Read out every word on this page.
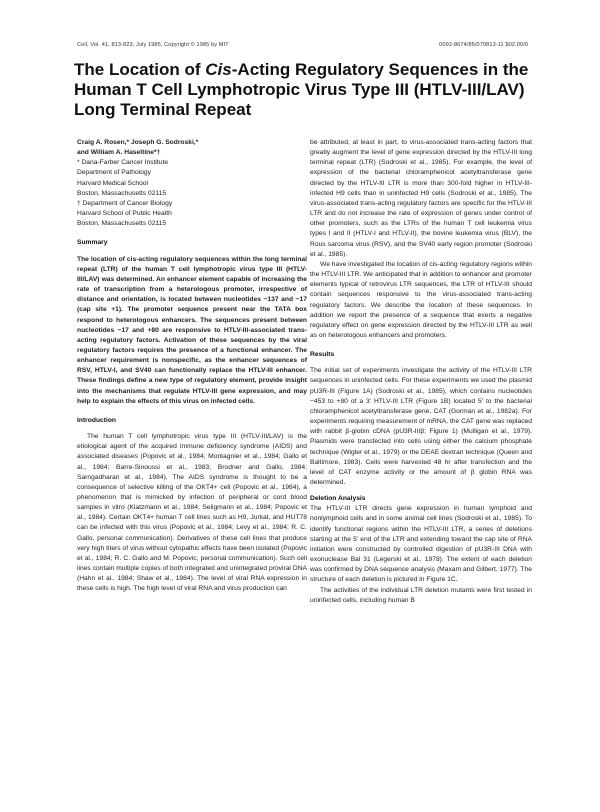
Cell, Vol. 41, 813-823, July 1985, Copyright © 1985 by MIT	0092-8674/85/070813-11 $02.00/0
The Location of Cis-Acting Regulatory Sequences in the Human T Cell Lymphotropic Virus Type III (HTLV-III/LAV) Long Terminal Repeat

Craig A. Rosen,* Joseph G. Sodroski,*
and William A. Haseltine*†

* Dana-Farber Cancer Institute
Department of Pathology
Harvard Medical School
Boston, Massachusetts 02115
† Department of Cancer Biology
Harvard School of Public Health
Boston, Massachusetts 02115

Summary

The location of cis-acting regulatory sequences within the long terminal repeat (LTR) of the human T cell lymphotropic virus type III (HTLV-III/LAV) was determined. An enhancer element capable of increasing the rate of transcription from a heterologous promoter, irrespective of distance and orientation, is located between nucleotides −137 and −17 (cap site +1). The promoter sequence present near the TATA box respond to heterologous enhancers. The sequences present between nucleotides −17 and +80 are responsive to HTLV-III-associated trans-acting regulatory factors. Activation of these sequences by the viral regulatory factors requires the presence of a functional enhancer. The enhancer requirement is nonspecific, as the enhancer sequences of RSV, HTLV-I, and SV40 can functionally replace the HTLV-III enhancer. These findings define a new type of regulatory element, provide insight into the mechanisms that regulate HTLV-III gene expression, and may help to explain the effects of this virus on infected cells.

Introduction

The human T cell lymphotropic virus type III (HTLV-III/LAV) is the etiological agent of the acquired immune deficiency syndrome (AIDS) and associated diseases (Popovic et al., 1984; Montagnier et al., 1984; Gallo et al., 1984; Barre-Sinoussi et al., 1983; Brodner and Gallo, 1984; Sarngadharan et al., 1984). The AIDS syndrome is thought to be a consequence of selective killing of the OKT4+ cell (Popovic et al., 1984), a phenomenon that is mimicked by infection of peripheral or cord blood samples in vitro (Klatzmann et al., 1984; Seligmann et al., 1984; Popovic et al., 1984). Certain OKT4+ human T cell lines such as H9, Jurkat, and HUT78 can be infected with this virus (Popovic et al., 1984; Levy et al., 1984; R. C. Gallo, personal communication). Derivatives of these cell lines that produce very high titers of virus without cytopathic effects have been isolated (Popovic et al., 1984; R. C. Gallo and M. Popovic, personal communication). Such cell lines contain multiple copies of both integrated and unintegrated proviral DNA (Hahn et al., 1984; Shaw et al., 1984). The level of viral RNA expression in these cells is high. The high level of viral RNA and virus production can

be attributed, at least in part, to virus-associated trans-acting factors that greatly augment the level of gene expression directed by the HTLV-III long terminal repeat (LTR) (Sodroski et al., 1985). For example, the level of expression of the bacterial chloramphenicol acetyltransferase gene directed by the HTLV-III LTR is more than 300-fold higher in HTLV-III-infected H9 cells than in uninfected H9 cells (Sodroski et al., 1985). The virus-associated trans-acting regulatory factors are specific for the HTLV-III LTR and do not increase the rate of expression of genes under control of other promoters, such as the LTRs of the human T cell leukemia virus types I and II (HTLV-I and HTLV-II), the bovine leukemia virus (BLV), the Rous sarcoma virus (RSV), and the SV40 early region promoter (Sodroski et al., 1985).

We have investigated the location of cis-acting regulatory regions within the HTLV-III LTR. We anticipated that in addition to enhancer and promoter elements typical of retrovirus LTR sequences, the LTR of HTLV-III should contain sequences responsive to the virus-associated trans-acting regulatory factors. We describe the location of these sequences. In addition we report the presence of a sequence that exerts a negative regulatory effect on gene expression directed by the HTLV-III LTR as well as on heterologous enhancers and promoters.

Results

The initial set of experiments investigate the activity of the HTLV-III LTR sequences in uninfected cells. For these experiments we used the plasmid pU3R-III (Figure 1A) (Sodroski et al., 1985), which contains nucleotides −453 to +80 of a 3' HTLV-III LTR (Figure 1B) located 5' to the bacterial chloramphenicol acetyltransferase gene, CAT (Gorman et al., 1982a). For experiments requiring measurement of mRNA, the CAT gene was replaced with rabbit β-globin cDNA (pU3R-IIIβ; Figure 1) (Mulligan et al., 1979). Plasmids were transfected into cells using either the calcium phosphate technique (Wigler et al., 1979) or the DEAE dextran technique (Queen and Baltimore, 1983). Cells were harvested 48 hr after transfection and the level of CAT enzyme activity or the amount of β globin RNA was determined.

Deletion Analysis

The HTLV-III LTR directs gene expression in human lymphoid and nonlymphoid cells and in some animal cell lines (Sodroski et al., 1985). To identify functional regions within the HTLV-III LTR, a series of deletions starting at the 5' end of the LTR and extending toward the cap site of RNA initiation were constructed by controlled digestion of pU3R-III DNA with exonuclease Bal 31 (Legerski et al., 1978). The extent of each deletion was confirmed by DNA sequence analysis (Maxam and Gilbert, 1977). The structure of each deletion is pictured in Figure 1C.

The activities of the individual LTR deletion mutants were first tested in uninfected cells, including human B
